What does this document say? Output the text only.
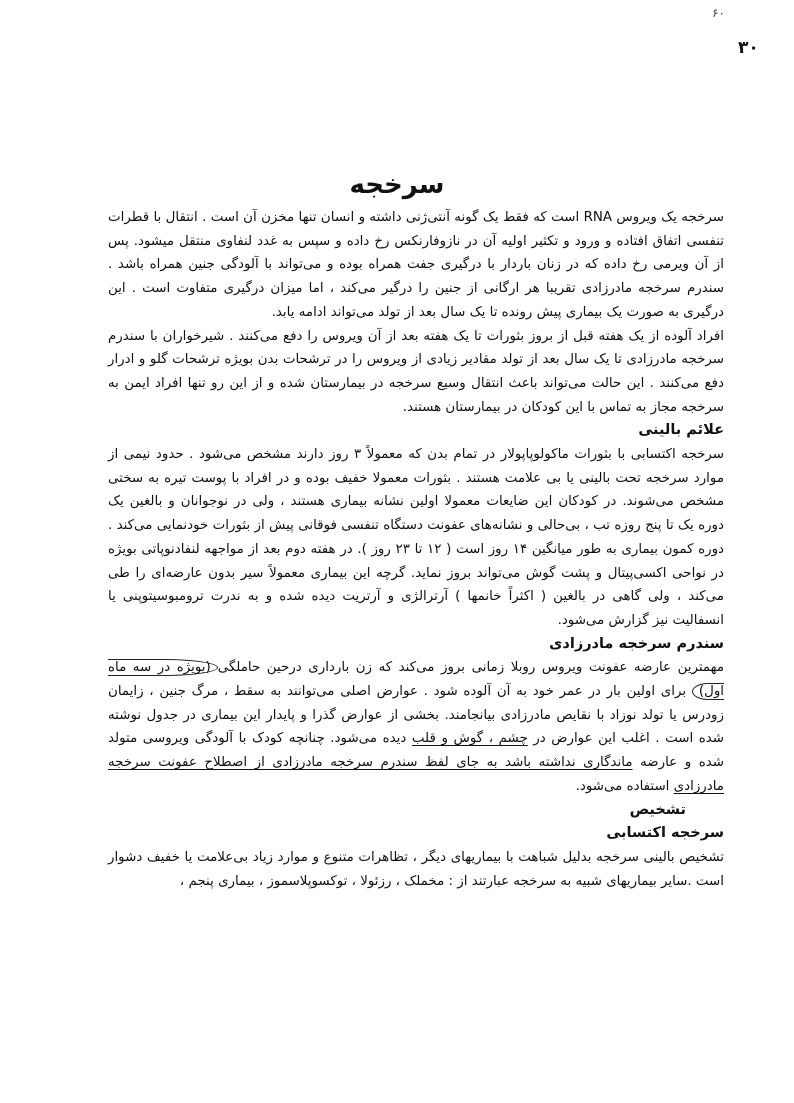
۶۰
۳۰
سرخجه

سرخجه یک ویروس RNA است که فقط یک گونه آنتی‌ژنی داشته و انسان تنها مخزن آن است . انتقال با قطرات تنفسی اتفاق افتاده و ورود و تکثیر اولیه آن در نازوفارنکس رخ داده و سپس به غدد لنفاوی منتقل میشود. پس از آن ویرمی رخ داده که در زنان باردار با درگیری جفت همراه بوده و می‌تواند با آلودگی جنین همراه باشد . سندرم سرخجه مادرزادی تقریبا هر ارگانی از جنین را درگیر می‌کند ، اما میزان درگیری متفاوت است . این درگیری به صورت یک بیماری پیش رونده تا یک سال بعد از تولد می‌تواند ادامه یابد.

افراد آلوده از یک هفته قبل از بروز بثورات تا یک هفته بعد از آن ویروس را دفع می‌کنند . شیرخواران با سندرم سرخجه مادرزادی تا یک سال بعد از تولد مقادیر زیادی از ویروس را در ترشحات بدن بویژه ترشحات گلو و ادرار دفع می‌کنند . این حالت می‌تواند باعث انتقال وسیع سرخجه در بیمارستان شده و از این رو تنها افراد ایمن به سرخجه مجاز به تماس با این کودکان در بیمارستان هستند.

علائم بالینی

سرخجه اکتسابی با بثورات ماکولوپاپولار در تمام بدن که معمولاً ۳ روز دارند مشخص می‌شود . حدود نیمی از موارد سرخجه تحت بالینی یا بی علامت هستند . بثورات معمولا خفیف بوده و در افراد با پوست تیره به سختی مشخص می‌شوند. در کودکان این ضایعات معمولا اولین نشانه بیماری هستند ، ولی در نوجوانان و بالغین یک دوره یک تا پنج روزه تب ، بی‌حالی و نشانه‌های عفونت دستگاه تنفسی فوقانی پیش از بثورات خودنمایی می‌کند . دوره کمون بیماری به طور میانگین ۱۴ روز است ( ۱۲ تا ۲۳ روز ). در هفته دوم بعد از مواجهه لنفادنوپاتی بویژه در نواحی اکسی‌پیتال و پشت گوش می‌تواند بروز نماید. گرچه این بیماری معمولاً سیر بدون عارضه‌ای را طی می‌کند ، ولی گاهی در بالغین ( اکثراً خانمها ) آرترالژی و آرتریت دیده شده و به ندرت ترومبوسیتوپنی یا انسفالیت نیز گزارش می‌شود.

سندرم سرخجه مادرزادی

مهمترین عارضه عفونت ویروس روبلا زمانی بروز می‌کند که زن بارداری درحین حاملگی(بویژه در سه ماه اول) برای اولین بار در عمر خود به آن آلوده شود . عوارض اصلی می‌توانند به سقط ، مرگ جنین ، زایمان زودرس یا تولد نوزاد با نقایص مادرزادی بیانجامند. بخشی از عوارض گذرا و پایدار این بیماری در جدول نوشته شده است . اغلب این عوارض در چشم ، گوش و قلب دیده می‌شود. چنانچه کودک با آلودگی ویروسی متولد شده و عارضه ماندگاری نداشته باشد به جای لفظ سندرم سرخجه مادرزادی از اصطلاح عفونت سرخجه مادرزادی استفاده می‌شود.

تشخیص

سرخجه اکتسابی

تشخیص بالینی سرخجه بدلیل شباهت با بیماریهای دیگر ، تظاهرات متنوع و موارد زیاد بی‌علامت یا خفیف دشوار است .سایر بیماریهای شبیه به سرخجه عبارتند از : مخملک ، رزئولا ، توکسوپلاسموز ، بیماری پنجم ،
